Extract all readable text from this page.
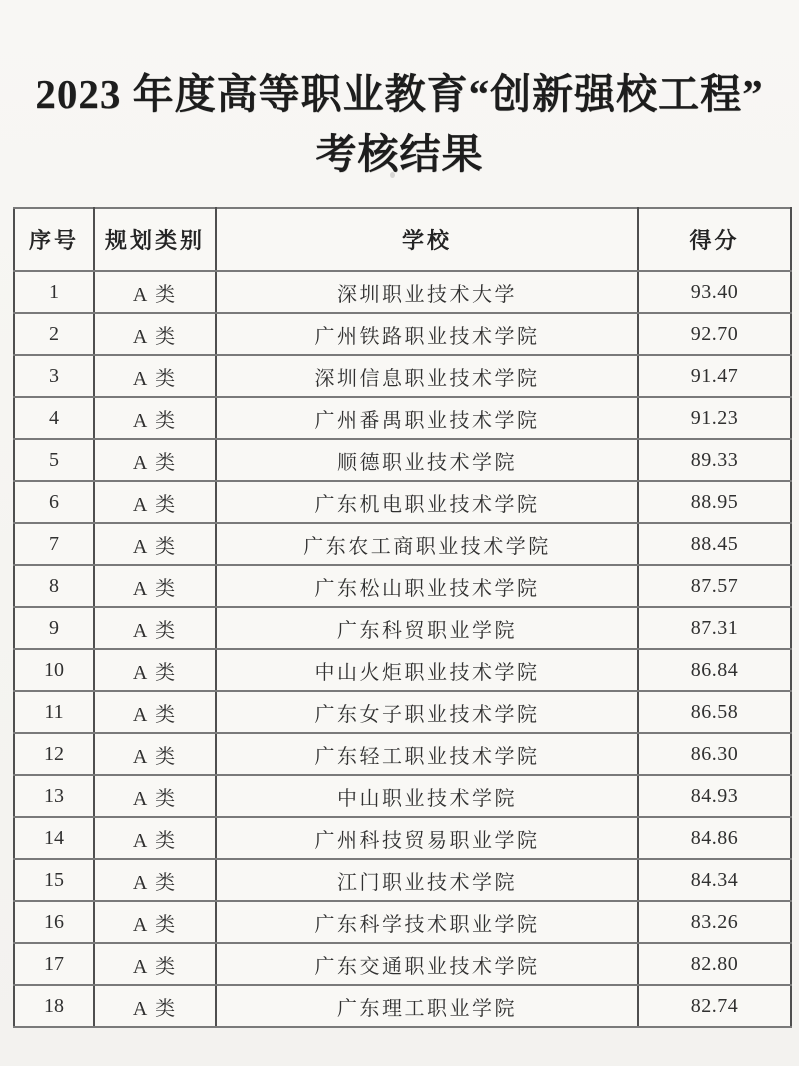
2023 年度高等职业教育“创新强校工程”
考核结果
序号	规划类别	学校	得分
1	A 类	深圳职业技术大学	93.40
2	A 类	广州铁路职业技术学院	92.70
3	A 类	深圳信息职业技术学院	91.47
4	A 类	广州番禺职业技术学院	91.23
5	A 类	顺德职业技术学院	89.33
6	A 类	广东机电职业技术学院	88.95
7	A 类	广东农工商职业技术学院	88.45
8	A 类	广东松山职业技术学院	87.57
9	A 类	广东科贸职业学院	87.31
10	A 类	中山火炬职业技术学院	86.84
11	A 类	广东女子职业技术学院	86.58
12	A 类	广东轻工职业技术学院	86.30
13	A 类	中山职业技术学院	84.93
14	A 类	广州科技贸易职业学院	84.86
15	A 类	江门职业技术学院	84.34
16	A 类	广东科学技术职业学院	83.26
17	A 类	广东交通职业技术学院	82.80
18	A 类	广东理工职业学院	82.74
